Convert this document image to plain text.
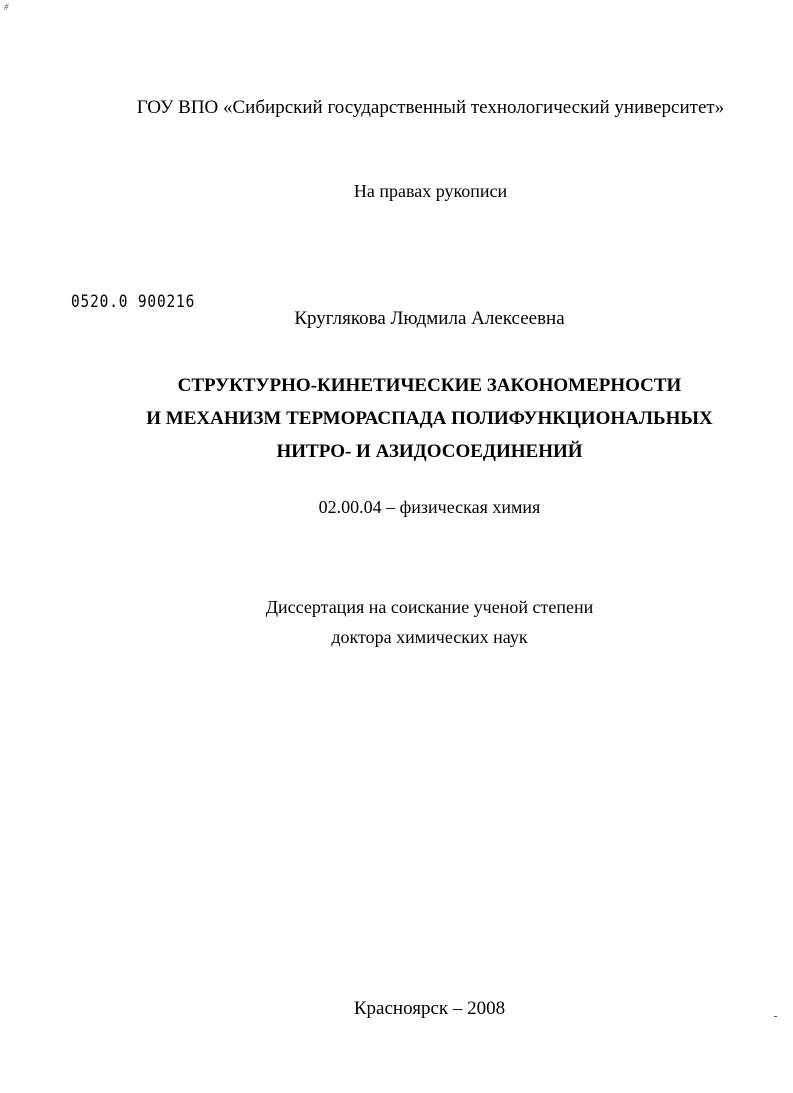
#
ГОУ ВПО «Сибирский государственный технологический университет»
На правах рукописи
0520.0 900216
Круглякова Людмила Алексеевна
СТРУКТУРНО-КИНЕТИЧЕСКИЕ ЗАКОНОМЕРНОСТИ
И МЕХАНИЗМ ТЕРМОРАСПАДА ПОЛИФУНКЦИОНАЛЬНЫХ
НИТРО- И АЗИДОСОЕДИНЕНИЙ
02.00.04 – физическая химия
Диссертация на соискание ученой степени
доктора химических наук
Красноярск – 2008
